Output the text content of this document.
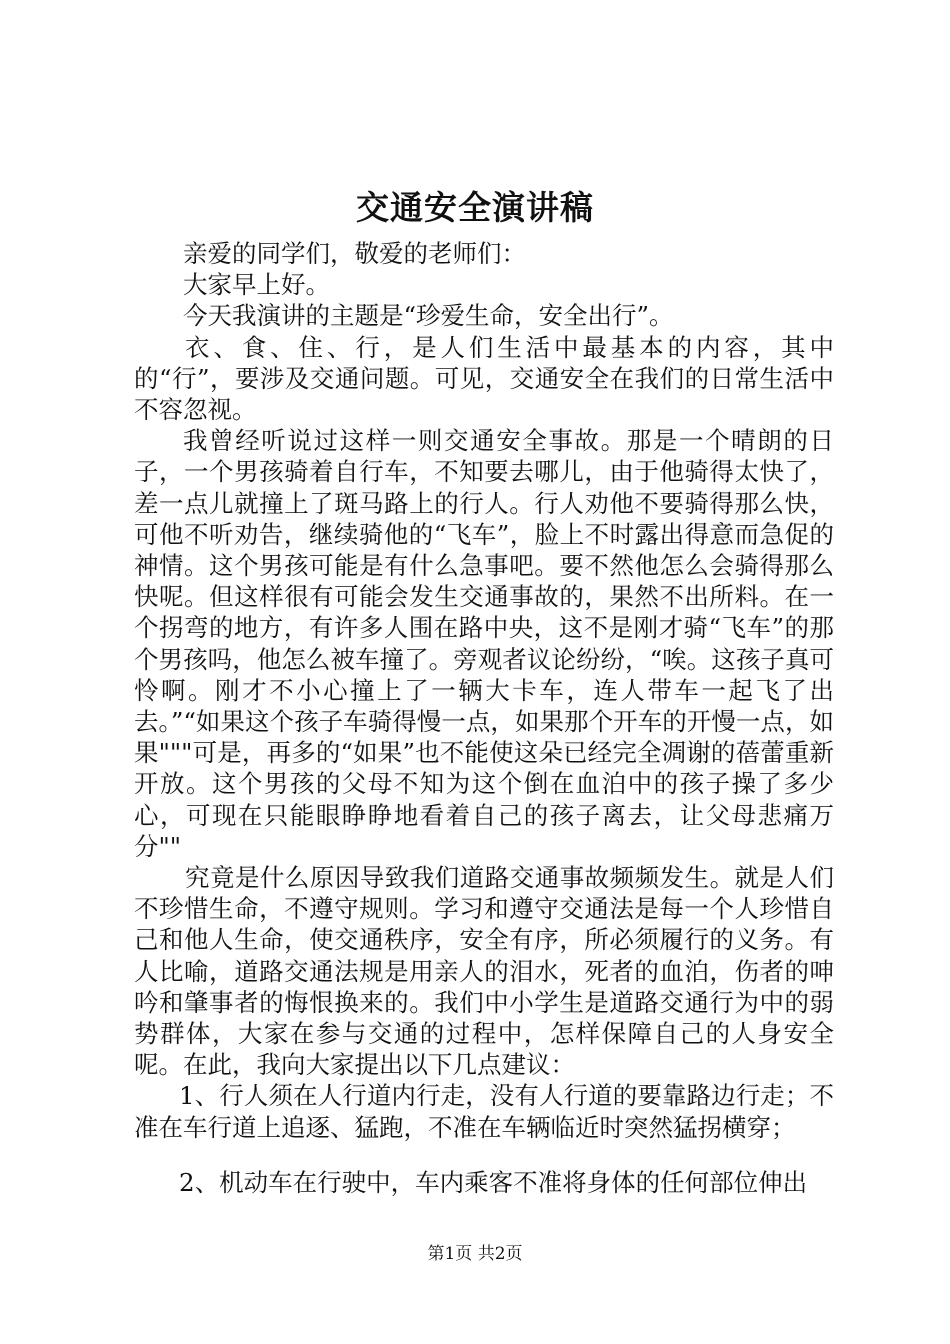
交通安全演讲稿

亲爱的同学们，敬爱的老师们：

大家早上好。

今天我演讲的主题是“珍爱生命，安全出行”。

衣、食、住、行，是人们生活中最基本的内容，其中的“行”，要涉及交通问题。可见，交通安全在我们的日常生活中不容忽视。

我曾经听说过这样一则交通安全事故。那是一个晴朗的日子，一个男孩骑着自行车，不知要去哪儿，由于他骑得太快了，差一点儿就撞上了斑马路上的行人。行人劝他不要骑得那么快，可他不听劝告，继续骑他的“飞车”，脸上不时露出得意而急促的神情。这个男孩可能是有什么急事吧。要不然他怎么会骑得那么快呢。但这样很有可能会发生交通事故的，果然不出所料。在一个拐弯的地方，有许多人围在路中央，这不是刚才骑“飞车”的那个男孩吗，他怎么被车撞了。旁观者议论纷纷，“唉。这孩子真可怜啊。刚才不小心撞上了一辆大卡车，连人带车一起飞了出去。”“如果这个孩子车骑得慢一点，如果那个开车的开慢一点，如果"""可是，再多的“如果”也不能使这朵已经完全凋谢的蓓蕾重新开放。这个男孩的父母不知为这个倒在血泊中的孩子操了多少心，可现在只能眼睁睁地看着自己的孩子离去，让父母悲痛万分""

究竟是什么原因导致我们道路交通事故频频发生。就是人们不珍惜生命，不遵守规则。学习和遵守交通法是每一个人珍惜自己和他人生命，使交通秩序，安全有序，所必须履行的义务。有人比喻，道路交通法规是用亲人的泪水，死者的血泊，伤者的呻吟和肇事者的悔恨换来的。我们中小学生是道路交通行为中的弱势群体，大家在参与交通的过程中，怎样保障自己的人身安全呢。在此，我向大家提出以下几点建议：

1、行人须在人行道内行走，没有人行道的要靠路边行走；不准在车行道上追逐、猛跑，不准在车辆临近时突然猛拐横穿；

2、机动车在行驶中，车内乘客不准将身体的任何部位伸出

第1页 共2页
